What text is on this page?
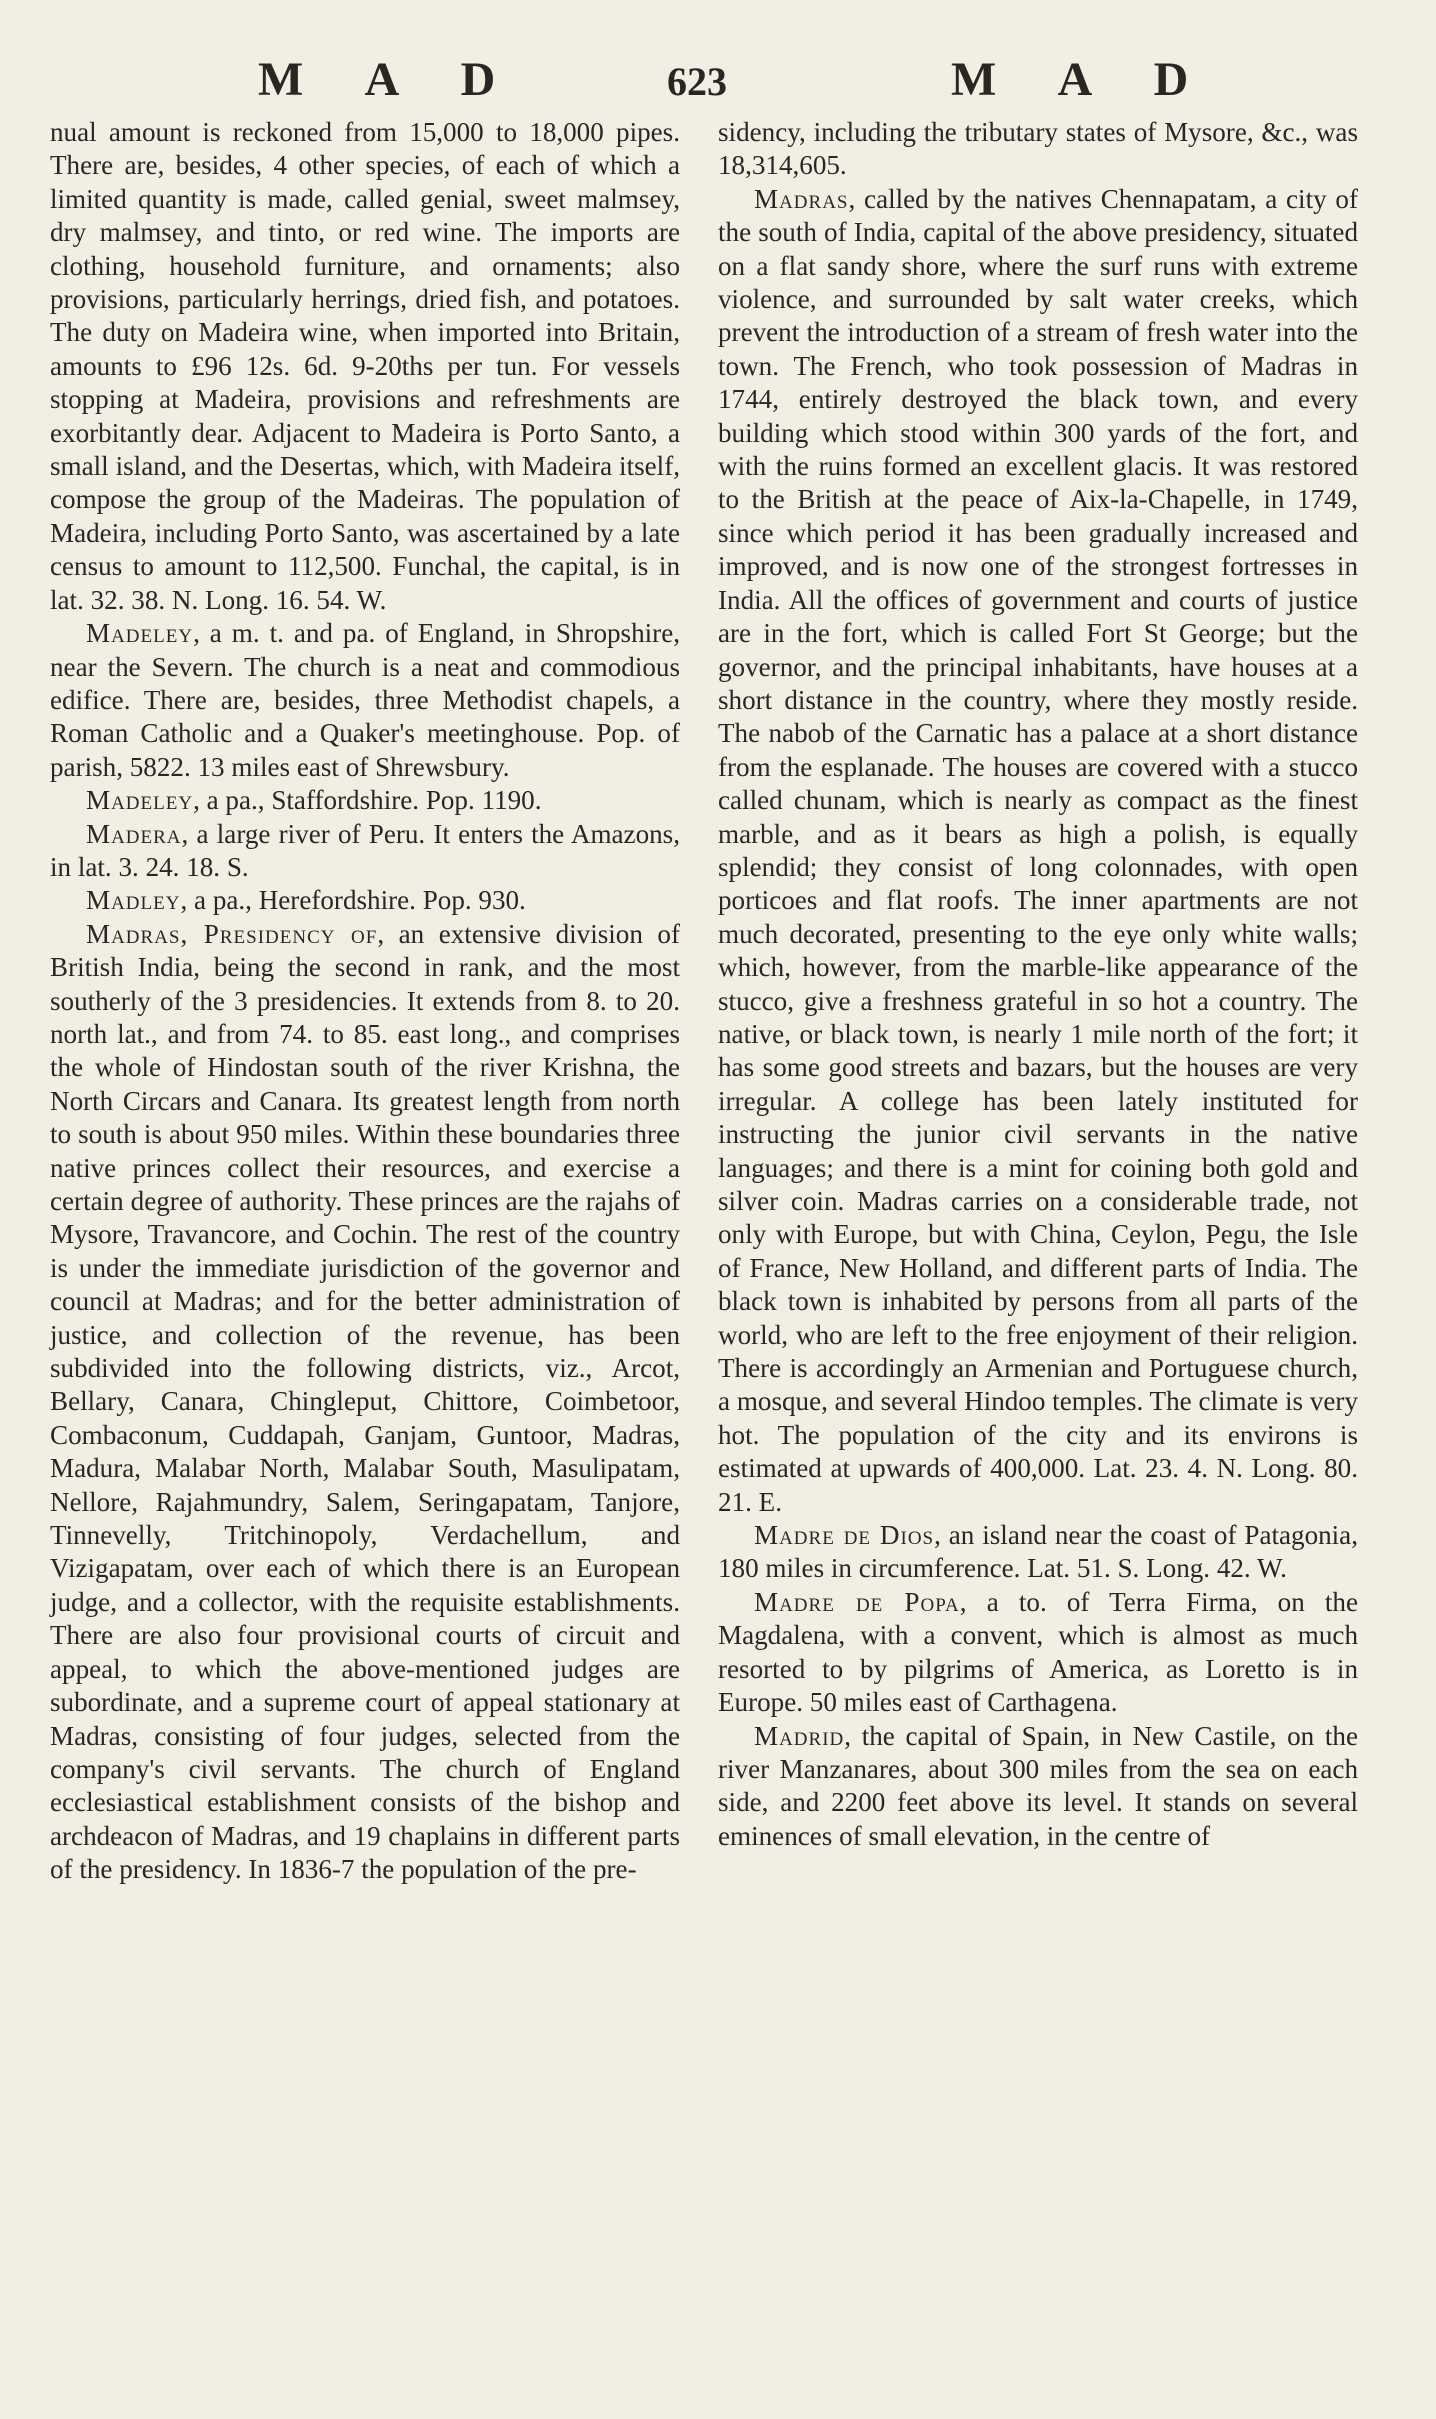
M A D	623	M A D

nual amount is reckoned from 15,000 to 18,000 pipes. There are, besides, 4 other species, of each of which a limited quantity is made, called genial, sweet malmsey, dry malmsey, and tinto, or red wine. The imports are clothing, household furniture, and ornaments; also provisions, particularly herrings, dried fish, and potatoes. The duty on Madeira wine, when imported into Britain, amounts to £96 12s. 6d. 9-20ths per tun. For vessels stopping at Madeira, provisions and refreshments are exorbitantly dear. Adjacent to Madeira is Porto Santo, a small island, and the Desertas, which, with Madeira itself, compose the group of the Madeiras. The population of Madeira, including Porto Santo, was ascertained by a late census to amount to 112,500. Funchal, the capital, is in lat. 32. 38. N. Long. 16. 54. W.

Madeley, a m. t. and pa. of England, in Shropshire, near the Severn. The church is a neat and commodious edifice. There are, besides, three Methodist chapels, a Roman Catholic and a Quaker's meetinghouse. Pop. of parish, 5822. 13 miles east of Shrewsbury.

Madeley, a pa., Staffordshire. Pop. 1190.

Madera, a large river of Peru. It enters the Amazons, in lat. 3. 24. 18. S.

Madley, a pa., Herefordshire. Pop. 930.

Madras, Presidency of, an extensive division of British India, being the second in rank, and the most southerly of the 3 presidencies. It extends from 8. to 20. north lat., and from 74. to 85. east long., and comprises the whole of Hindostan south of the river Krishna, the North Circars and Canara. Its greatest length from north to south is about 950 miles. Within these boundaries three native princes collect their resources, and exercise a certain degree of authority. These princes are the rajahs of Mysore, Travancore, and Cochin. The rest of the country is under the immediate jurisdiction of the governor and council at Madras; and for the better administration of justice, and collection of the revenue, has been subdivided into the following districts, viz., Arcot, Bellary, Canara, Chingleput, Chittore, Coimbetoor, Combaconum, Cuddapah, Ganjam, Guntoor, Madras, Madura, Malabar North, Malabar South, Masulipatam, Nellore, Rajahmundry, Salem, Seringapatam, Tanjore, Tinnevelly, Tritchinopoly, Verdachellum, and Vizigapatam, over each of which there is an European judge, and a collector, with the requisite establishments. There are also four provisional courts of circuit and appeal, to which the above-mentioned judges are subordinate, and a supreme court of appeal stationary at Madras, consisting of four judges, selected from the company's civil servants. The church of England ecclesiastical establishment consists of the bishop and archdeacon of Madras, and 19 chaplains in different parts of the presidency. In 1836-7 the population of the pre-

sidency, including the tributary states of Mysore, &c., was 18,314,605.

Madras, called by the natives Chennapatam, a city of the south of India, capital of the above presidency, situated on a flat sandy shore, where the surf runs with extreme violence, and surrounded by salt water creeks, which prevent the introduction of a stream of fresh water into the town. The French, who took possession of Madras in 1744, entirely destroyed the black town, and every building which stood within 300 yards of the fort, and with the ruins formed an excellent glacis. It was restored to the British at the peace of Aix-la-Chapelle, in 1749, since which period it has been gradually increased and improved, and is now one of the strongest fortresses in India. All the offices of government and courts of justice are in the fort, which is called Fort St George; but the governor, and the principal inhabitants, have houses at a short distance in the country, where they mostly reside. The nabob of the Carnatic has a palace at a short distance from the esplanade. The houses are covered with a stucco called chunam, which is nearly as compact as the finest marble, and as it bears as high a polish, is equally splendid; they consist of long colonnades, with open porticoes and flat roofs. The inner apartments are not much decorated, presenting to the eye only white walls; which, however, from the marble-like appearance of the stucco, give a freshness grateful in so hot a country. The native, or black town, is nearly 1 mile north of the fort; it has some good streets and bazars, but the houses are very irregular. A college has been lately instituted for instructing the junior civil servants in the native languages; and there is a mint for coining both gold and silver coin. Madras carries on a considerable trade, not only with Europe, but with China, Ceylon, Pegu, the Isle of France, New Holland, and different parts of India. The black town is inhabited by persons from all parts of the world, who are left to the free enjoyment of their religion. There is accordingly an Armenian and Portuguese church, a mosque, and several Hindoo temples. The climate is very hot. The population of the city and its environs is estimated at upwards of 400,000. Lat. 23. 4. N. Long. 80. 21. E.

Madre de Dios, an island near the coast of Patagonia, 180 miles in circumference. Lat. 51. S. Long. 42. W.

Madre de Popa, a to. of Terra Firma, on the Magdalena, with a convent, which is almost as much resorted to by pilgrims of America, as Loretto is in Europe. 50 miles east of Carthagena.

Madrid, the capital of Spain, in New Castile, on the river Manzanares, about 300 miles from the sea on each side, and 2200 feet above its level. It stands on several eminences of small elevation, in the centre of
